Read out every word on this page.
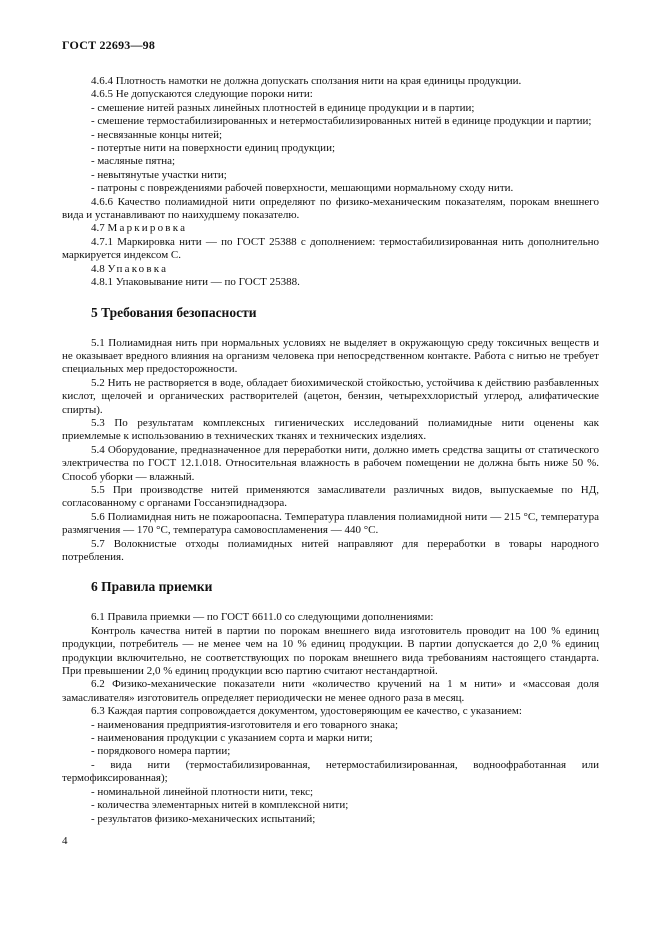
ГОСТ 22693—98

4.6.4 Плотность намотки не должна допускать сползания нити на края единицы продукции.

4.6.5 Не допускаются следующие пороки нити:

- смешение нитей разных линейных плотностей в единице продукции и в партии;

- смешение термостабилизированных и нетермостабилизированных нитей в единице продукции и партии;

- несвязанные концы нитей;

- потертые нити на поверхности единиц продукции;

- масляные пятна;

- невытянутые участки нити;

- патроны с повреждениями рабочей поверхности, мешающими нормальному сходу нити.

4.6.6 Качество полиамидной нити определяют по физико-механическим показателям, порокам внешнего вида и устанавливают по наихудшему показателю.

4.7 Маркировка

4.7.1 Маркировка нити — по ГОСТ 25388 с дополнением: термостабилизированная нить дополнительно маркируется индексом С.

4.8 Упаковка

4.8.1 Упаковывание нити — по ГОСТ 25388.

5 Требования безопасности

5.1 Полиамидная нить при нормальных условиях не выделяет в окружающую среду токсичных веществ и не оказывает вредного влияния на организм человека при непосредственном контакте. Работа с нитью не требует специальных мер предосторожности.

5.2 Нить не растворяется в воде, обладает биохимической стойкостью, устойчива к действию разбавленных кислот, щелочей и органических растворителей (ацетон, бензин, четыреххлористый углерод, алифатические спирты).

5.3 По результатам комплексных гигиенических исследований полиамидные нити оценены как приемлемые к использованию в технических тканях и технических изделиях.

5.4 Оборудование, предназначенное для переработки нити, должно иметь средства защиты от статического электричества по ГОСТ 12.1.018. Относительная влажность в рабочем помещении не должна быть ниже 50 %. Способ уборки — влажный.

5.5 При производстве нитей применяются замасливатели различных видов, выпускаемые по НД, согласованному с органами Госсанэпиднадзора.

5.6 Полиамидная нить не пожароопасна. Температура плавления полиамидной нити — 215 °С, температура размягчения — 170 °С, температура самовоспламенения — 440 °С.

5.7 Волокнистые отходы полиамидных нитей направляют для переработки в товары народного потребления.

6 Правила приемки

6.1 Правила приемки — по ГОСТ 6611.0 со следующими дополнениями:

Контроль качества нитей в партии по порокам внешнего вида изготовитель проводит на 100 % единиц продукции, потребитель — не менее чем на 10 % единиц продукции. В партии допускается до 2,0 % единиц продукции включительно, не соответствующих по порокам внешнего вида требованиям настоящего стандарта. При превышении 2,0 % единиц продукции всю партию считают нестандартной.

6.2 Физико-механические показатели нити «количество кручений на 1 м нити» и «массовая доля замасливателя» изготовитель определяет периодически не менее одного раза в месяц.

6.3 Каждая партия сопровождается документом, удостоверяющим ее качество, с указанием:

- наименования предприятия-изготовителя и его товарного знака;

- наименования продукции с указанием сорта и марки нити;

- порядкового номера партии;

- вида нити (термостабилизированная, нетермостабилизированная, водноофработанная или термофиксированная);

- номинальной линейной плотности нити, текс;

- количества элементарных нитей в комплексной нити;

- результатов физико-механических испытаний;

4
